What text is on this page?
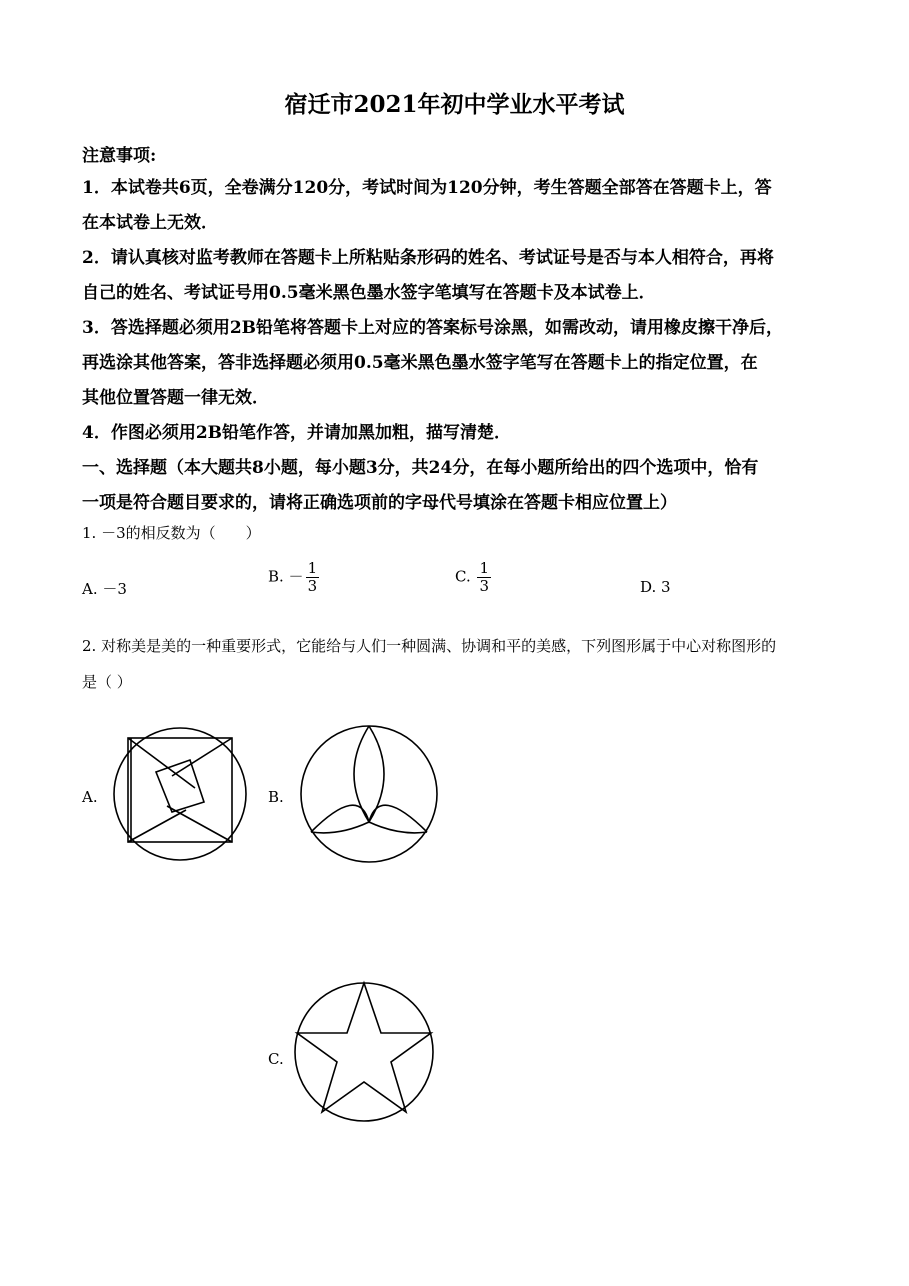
宿迁市2021年初中学业水平考试
注意事项:
1．本试卷共6页，全卷满分120分，考试时间为120分钟，考生答题全部答在答题卡上，答
在本试卷上无效．
2．请认真核对监考教师在答题卡上所粘贴条形码的姓名、考试证号是否与本人相符合，再将
自己的姓名、考试证号用0.5毫米黑色墨水签字笔填写在答题卡及本试卷上．
3．答选择题必须用2B铅笔将答题卡上对应的答案标号涂黑，如需改动，请用橡皮擦干净后，
再选涂其他答案，答非选择题必须用0.5毫米黑色墨水签字笔写在答题卡上的指定位置，在
其他位置答题一律无效．
4．作图必须用2B铅笔作答，并请加黑加粗，描写清楚．
一、选择题（本大题共8小题，每小题3分，共24分，在每小题所给出的四个选项中，恰有
一项是符合题目要求的，请将正确选项前的字母代号填涂在答题卡相应位置上）
1. －3的相反数为（　　）
A. －3
B. － $\frac{1}{3}$	C. $\frac{1}{3}$	D. 3
2. 对称美是美的一种重要形式，它能给与人们一种圆满、协调和平的美感，下列图形属于中心对称图形的
是（ ）
A.	B.
C.
